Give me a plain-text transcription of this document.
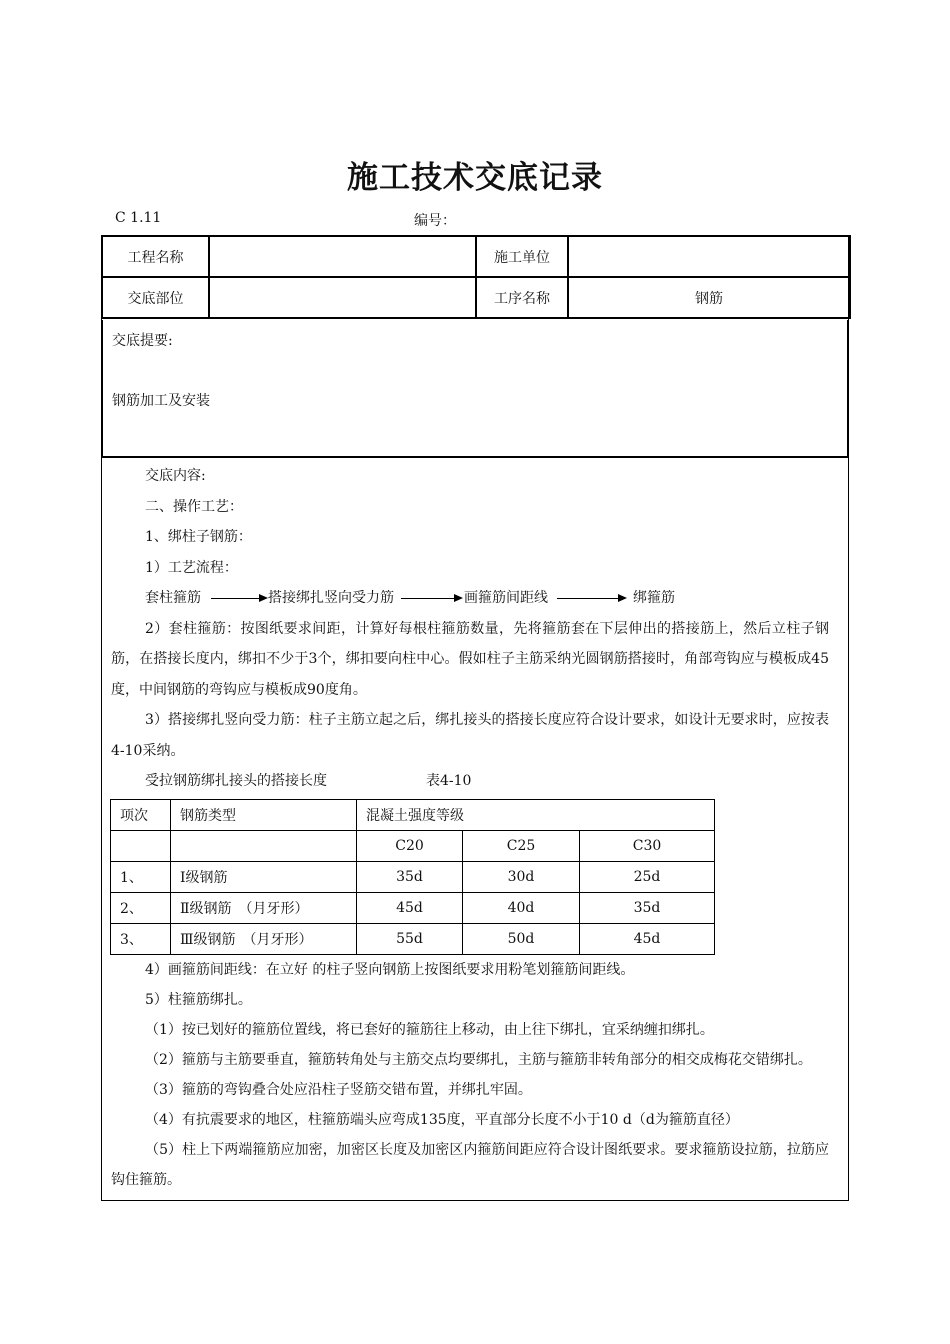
施工技术交底记录
C 1.11	编号：
工程名称		施工单位	
交底部位		工序名称	钢筋
交底提要:
钢筋加工及安装
交底内容:
二、操作工艺：
1、绑柱子钢筋：
1）工艺流程：
套柱箍筋	搭接绑扎竖向受力筋	画箍筋间距线	绑箍筋
2）套柱箍筋：按图纸要求间距，计算好每根柱箍筋数量，先将箍筋套在下层伸出的搭接筋上，然后立柱子钢筋，在搭接长度内，绑扣不少于3个，绑扣要向柱中心。假如柱子主筋采纳光圆钢筋搭接时，角部弯钩应与模板成45度，中间钢筋的弯钩应与模板成90度角。
3）搭接绑扎竖向受力筋：柱子主筋立起之后，绑扎接头的搭接长度应符合设计要求，如设计无要求时，应按表4-10采纳。
受拉钢筋绑扎接头的搭接长度	表4-10
项次	钢筋类型	混凝土强度等级		
		C20	C25	C30
1、	Ⅰ级钢筋	35d	30d	25d
2、	Ⅱ级钢筋　（月牙形）	45d	40d	35d
3、	Ⅲ级钢筋　（月牙形）	55d	50d	45d
4）画箍筋间距线：在立好 的柱子竖向钢筋上按图纸要求用粉笔划箍筋间距线。
5）柱箍筋绑扎。
（1）按已划好的箍筋位置线，将已套好的箍筋往上移动，由上往下绑扎，宜采纳缠扣绑扎。
（2）箍筋与主筋要垂直，箍筋转角处与主筋交点均要绑扎，主筋与箍筋非转角部分的相交成梅花交错绑扎。
（3）箍筋的弯钩叠合处应沿柱子竖筋交错布置，并绑扎牢固。
（4）有抗震要求的地区，柱箍筋端头应弯成135度，平直部分长度不小于10 d（d为箍筋直径）
（5）柱上下两端箍筋应加密，加密区长度及加密区内箍筋间距应符合设计图纸要求。要求箍筋设拉筋，拉筋应钩住箍筋。
